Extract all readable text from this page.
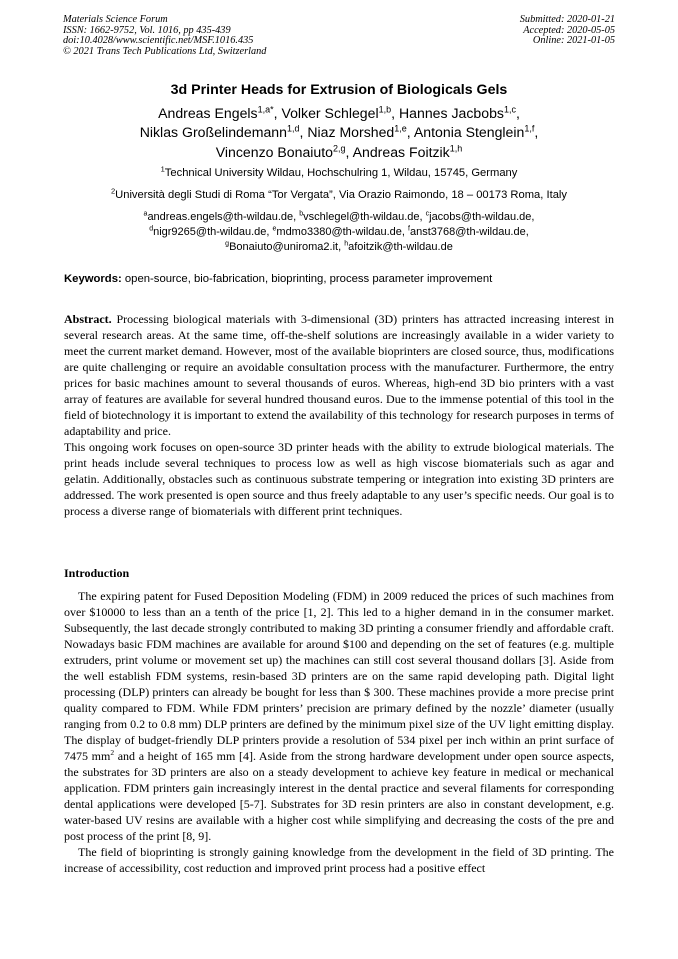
Materials Science Forum
ISSN: 1662-9752, Vol. 1016, pp 435-439
doi:10.4028/www.scientific.net/MSF.1016.435
© 2021 Trans Tech Publications Ltd, Switzerland
Submitted: 2020-01-21
Accepted: 2020-05-05
Online: 2021-01-05
3d Printer Heads for Extrusion of Biologicals Gels
Andreas Engels$^{1,a*}$, Volker Schlegel$^{1,b}$, Hannes Jacbobs$^{1,c}$,
Niklas Großelindemann$^{1,d}$, Niaz Morshed$^{1,e}$, Antonia Stenglein$^{1,f}$,
Vincenzo Bonaiuto$^{2,g}$, Andreas Foitzik$^{1,h}$
$^1$Technical University Wildau, Hochschulring 1, Wildau, 15745, Germany
$^2$Università degli Studi di Roma “Tor Vergata”, Via Orazio Raimondo, 18 – 00173 Roma, Italy
$^a$andreas.engels@th-wildau.de, $^b$vschlegel@th-wildau.de, $^c$jacobs@th-wildau.de,
$^d$nigr9265@th-wildau.de, $^e$mdmo3380@th-wildau.de, $^f$anst3768@th-wildau.de,
$^g$Bonaiuto@uniroma2.it, $^h$afoitzik@th-wildau.de
Keywords: open-source, bio-fabrication, bioprinting, process parameter improvement

Abstract. Processing biological materials with 3-dimensional (3D) printers has attracted increasing interest in several research areas. At the same time, off-the-shelf solutions are increasingly available in a wider variety to meet the current market demand. However, most of the available bioprinters are closed source, thus, modifications are quite challenging or require an avoidable consultation process with the manufacturer. Furthermore, the entry prices for basic machines amount to several thousands of euros. Whereas, high-end 3D bio printers with a vast array of features are available for several hundred thousand euros. Due to the immense potential of this tool in the field of biotechnology it is important to extend the availability of this technology for research purposes in terms of adaptability and price.

This ongoing work focuses on open-source 3D printer heads with the ability to extrude biological materials. The print heads include several techniques to process low as well as high viscose biomaterials such as agar and gelatin. Additionally, obstacles such as continuous substrate tempering or integration into existing 3D printers are addressed. The work presented is open source and thus freely adaptable to any user’s specific needs. Our goal is to process a diverse range of biomaterials with different print techniques.

Introduction

The expiring patent for Fused Deposition Modeling (FDM) in 2009 reduced the prices of such machines from over $10000 to less than an a tenth of the price [1, 2]. This led to a higher demand in in the consumer market. Subsequently, the last decade strongly contributed to making 3D printing a consumer friendly and affordable craft. Nowadays basic FDM machines are available for around $100 and depending on the set of features (e.g. multiple extruders, print volume or movement set up) the machines can still cost several thousand dollars [3]. Aside from the well establish FDM systems, resin-based 3D printers are on the same rapid developing path. Digital light processing (DLP) printers can already be bought for less than $ 300. These machines provide a more precise print quality compared to FDM. While FDM printers’ precision are primary defined by the nozzle’ diameter (usually ranging from 0.2 to 0.8 mm) DLP printers are defined by the minimum pixel size of the UV light emitting display. The display of budget-friendly DLP printers provide a resolution of 534 pixel per inch within an print surface of 7475 $mm^2$ and a height of 165 mm [4]. Aside from the strong hardware development under open source aspects, the substrates for 3D printers are also on a steady development to achieve key feature in medical or mechanical application. FDM printers gain increasingly interest in the dental practice and several filaments for corresponding dental applications were developed [5-7]. Substrates for 3D resin printers are also in constant development, e.g. water-based UV resins are available with a higher cost while simplifying and decreasing the costs of the pre and post process of the print [8, 9].

The field of bioprinting is strongly gaining knowledge from the development in the field of 3D printing. The increase of accessibility, cost reduction and improved print process had a positive effect
